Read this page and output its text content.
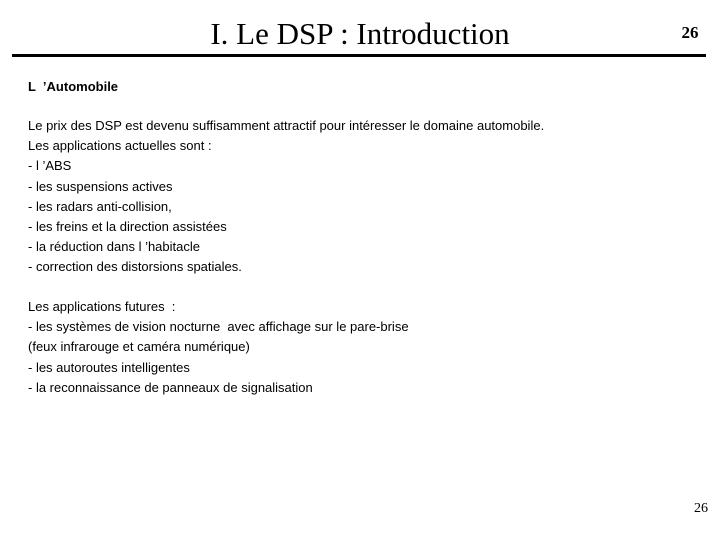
I. Le DSP : Introduction	26
L  ’Automobile
Le prix des DSP est devenu suffisamment attractif pour intéresser le domaine automobile.
Les applications actuelles sont :
- l ’ABS
- les suspensions actives
- les radars anti-collision,
- les freins et la direction assistées
- la réduction dans l ’habitacle
- correction des distorsions spatiales.
Les applications futures  :
- les systèmes de vision nocturne  avec affichage sur le pare-brise
(feux infrarouge et caméra numérique)
- les autoroutes intelligentes
- la reconnaissance de panneaux de signalisation
26
